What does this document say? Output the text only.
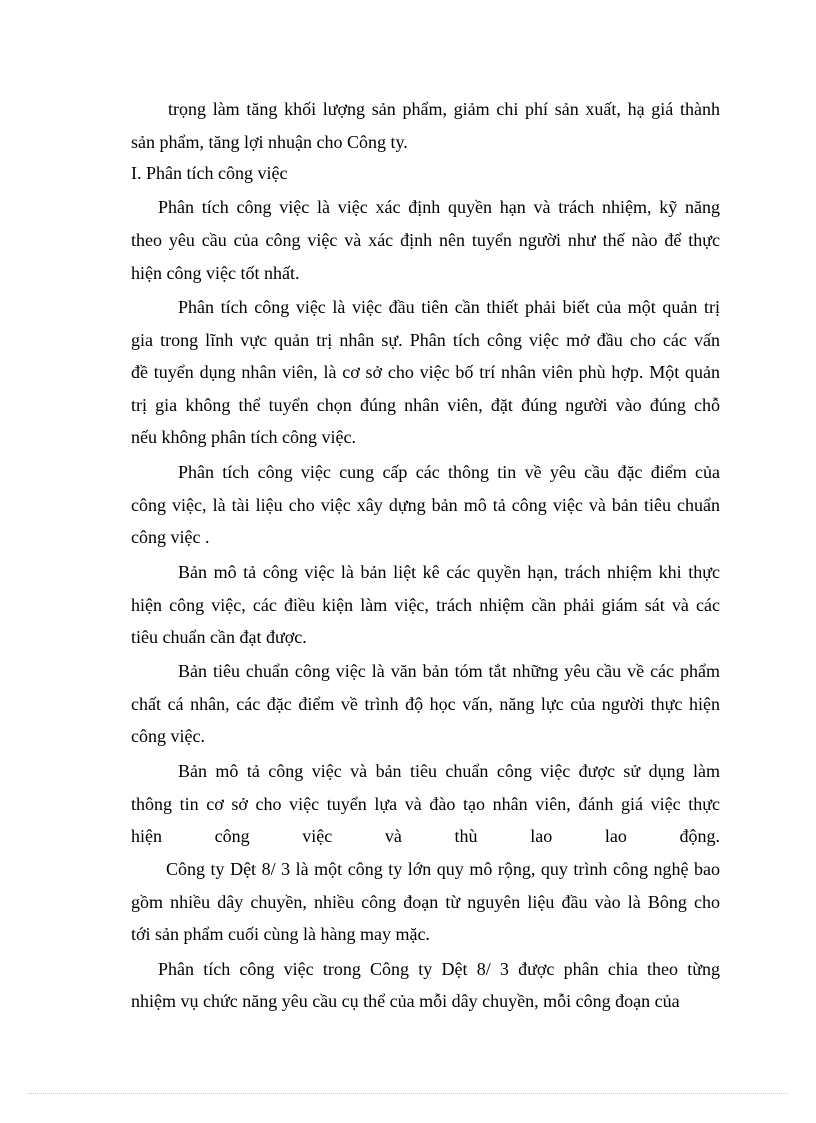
trọng làm tăng khối lượng sản phẩm, giảm chi phí sản xuất, hạ giá thành

sản phẩm, tăng lợi nhuận cho Công ty.

I. Phân tích công việc

Phân tích công việc là việc xác định quyền hạn và trách nhiệm, kỹ năng

theo yêu cầu của công việc và xác định nên tuyển người như thế nào để thực

hiện công việc tốt nhất.

Phân tích công việc là việc đầu tiên cần thiết phải biết của một quản trị

gia trong lĩnh vực quản trị nhân sự. Phân tích công việc mở đầu cho các vấn

đề tuyển dụng nhân viên, là cơ sở cho việc bố trí nhân viên phù hợp. Một quản

trị gia không thể tuyển chọn đúng nhân viên, đặt đúng người vào đúng chỗ

nếu không phân tích công việc.

Phân tích công việc cung cấp các thông tin về yêu cầu đặc điểm của

công việc, là tài liệu cho việc xây dựng bản mô tả công việc và bản tiêu chuẩn

công việc .

Bản mô tả công việc là bản liệt kê các quyền hạn, trách nhiệm khi thực

hiện công việc, các điều kiện làm việc, trách nhiệm cần phải giám sát và các

tiêu chuẩn cần đạt được.

Bản tiêu chuẩn công việc là văn bản tóm tắt những yêu cầu về các phẩm

chất cá nhân, các đặc điểm về trình độ học vấn, năng lực của người thực hiện

công việc.

Bản mô tả công việc và bản tiêu chuẩn công việc được sử dụng làm

thông tin cơ sở cho việc tuyển lựa và đào tạo nhân viên, đánh giá việc thực

hiện công việc và thù lao lao động.

Công ty Dệt 8/ 3 là một công ty lớn quy mô rộng, quy trình công nghệ bao

gồm nhiều dây chuyền, nhiều công đoạn từ nguyên liệu đầu vào là Bông cho

tới sản phẩm cuối cùng là hàng may mặc.

Phân tích công việc trong Công ty Dệt 8/ 3 được phân chia theo từng

nhiệm vụ chức năng yêu cầu cụ thể của mỗi dây chuyền, mỗi công đoạn của
